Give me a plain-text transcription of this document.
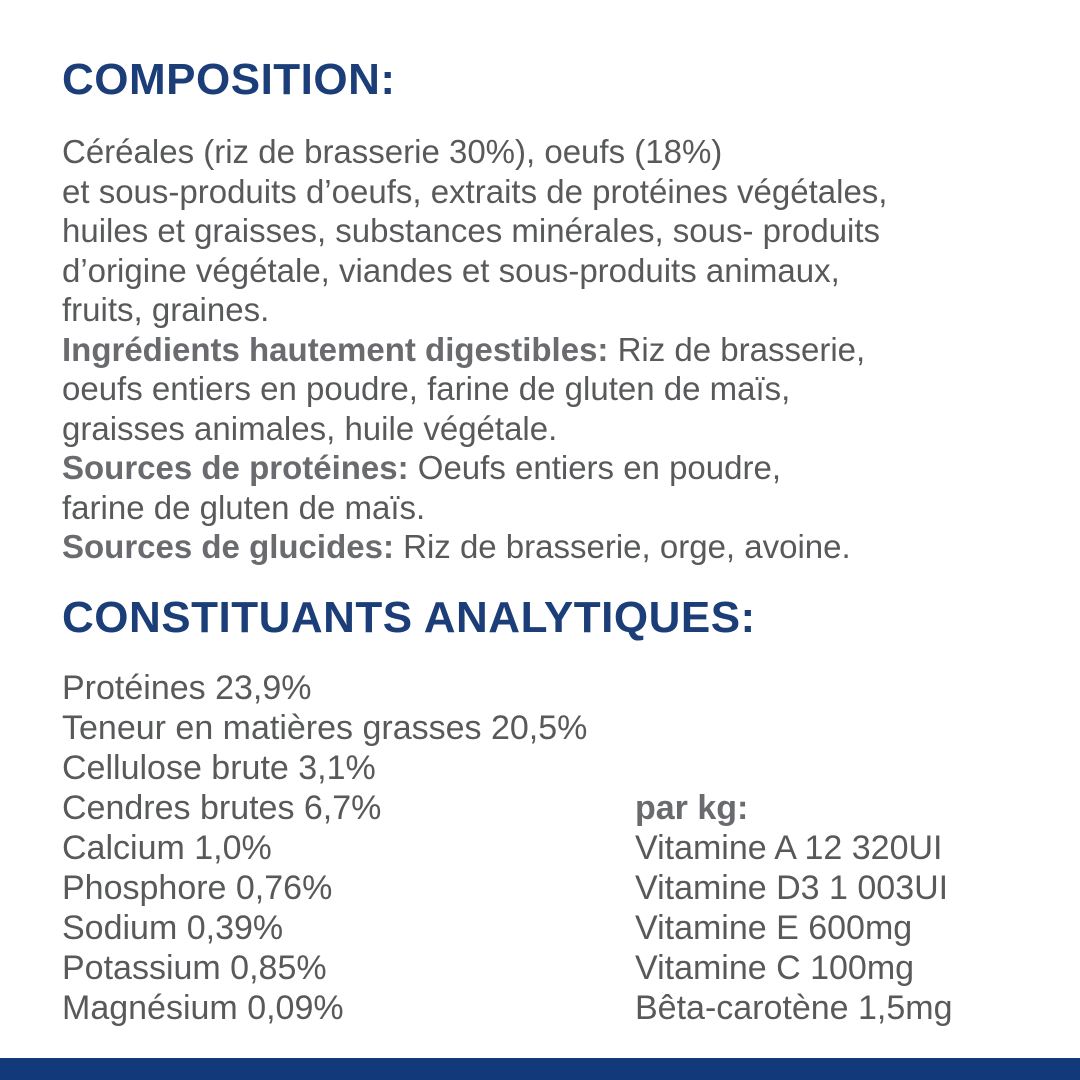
COMPOSITION:
Céréales (riz de brasserie 30%), oeufs (18%)
et sous-produits d’oeufs, extraits de protéines végétales,
huiles et graisses, substances minérales, sous- produits
d’origine végétale, viandes et sous-produits animaux,
fruits, graines.
Ingrédients hautement digestibles: Riz de brasserie,
oeufs entiers en poudre, farine de gluten de maïs,
graisses animales, huile végétale.
Sources de protéines: Oeufs entiers en poudre,
farine de gluten de maïs.
Sources de glucides: Riz de brasserie, orge, avoine.
CONSTITUANTS ANALYTIQUES:
Protéines 23,9%
Teneur en matières grasses 20,5%
Cellulose brute 3,1%
Cendres brutes 6,7%
Calcium 1,0%
Phosphore 0,76%
Sodium 0,39%
Potassium 0,85%
Magnésium 0,09%
par kg:
Vitamine A 12 320UI
Vitamine D3 1 003UI
Vitamine E 600mg
Vitamine C 100mg
Bêta-carotène 1,5mg
